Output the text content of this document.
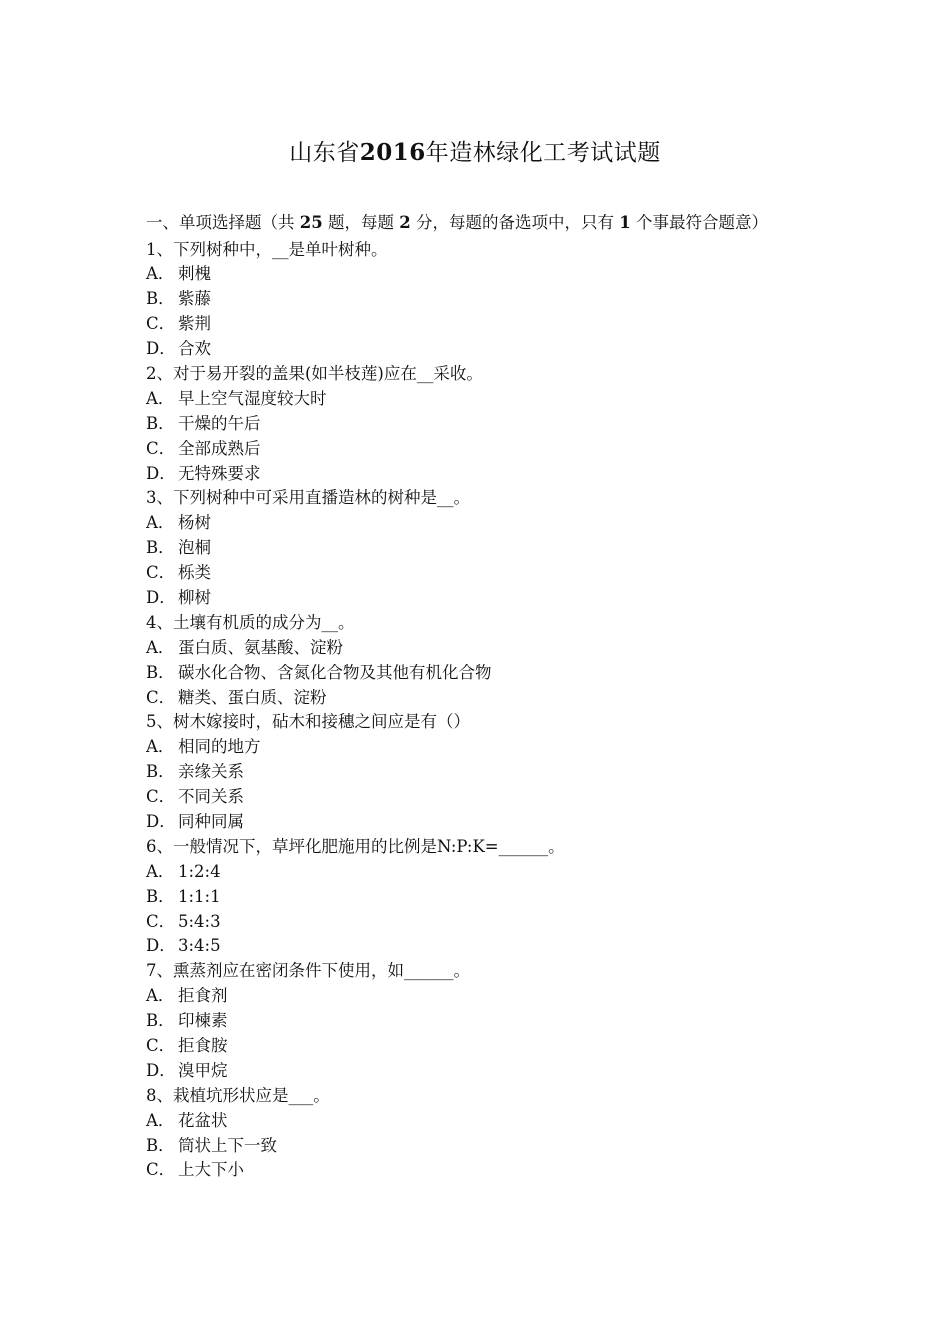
山东省2016年造林绿化工考试试题
一、单项选择题（共 25 题，每题 2 分，每题的备选项中，只有 1 个事最符合题意）
1、下列树种中，__是单叶树种。
A． 刺槐
B． 紫藤
C． 紫荆
D． 合欢
2、对于易开裂的盖果(如半枝莲)应在__采收。
A． 早上空气湿度较大时
B． 干燥的午后
C． 全部成熟后
D． 无特殊要求
3、下列树种中可采用直播造林的树种是__。
A． 杨树
B． 泡桐
C． 栎类
D． 柳树
4、土壤有机质的成分为__。
A． 蛋白质、氨基酸、淀粉
B． 碳水化合物、含氮化合物及其他有机化合物
C． 糖类、蛋白质、淀粉
5、树木嫁接时，砧木和接穗之间应是有（）
A． 相同的地方
B． 亲缘关系
C． 不同关系
D． 同种同属
6、一般情况下，草坪化肥施用的比例是N:P:K=______。
A． 1:2:4
B． 1:1:1
C． 5:4:3
D． 3:4:5
7、熏蒸剂应在密闭条件下使用，如______。
A． 拒食剂
B． 印楝素
C． 拒食胺
D． 溴甲烷
8、栽植坑形状应是___。
A． 花盆状
B． 筒状上下一致
C． 上大下小
